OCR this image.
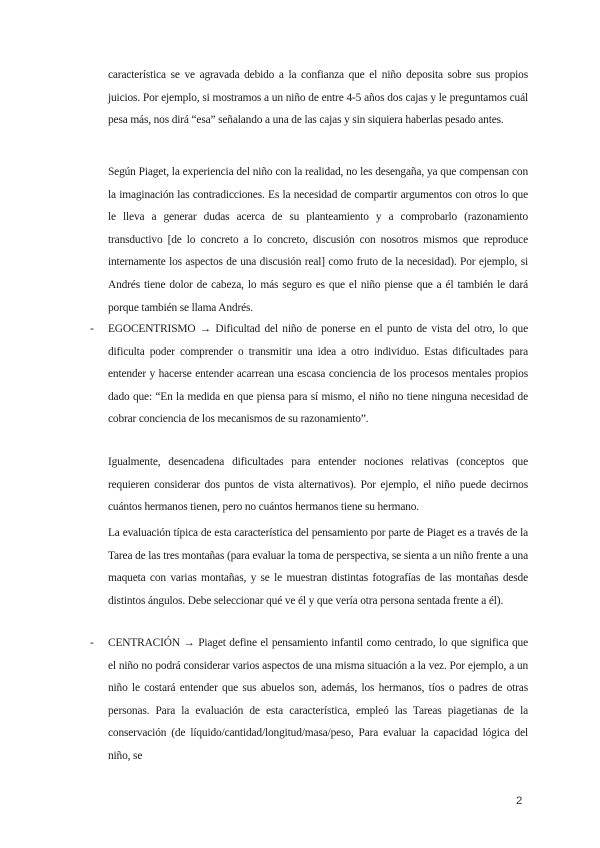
característica se ve agravada debido a la confianza que el niño deposita sobre sus propios juicios. Por ejemplo, si mostramos a un niño de entre 4-5 años dos cajas y le preguntamos cuál pesa más, nos dirá “esa” señalando a una de las cajas y sin siquiera haberlas pesado antes.

Según Piaget, la experiencia del niño con la realidad, no les desengaña, ya que compensan con la imaginación las contradicciones. Es la necesidad de compartir argumentos con otros lo que le lleva a generar dudas acerca de su planteamiento y a comprobarlo (razonamiento transductivo [de lo concreto a lo concreto, discusión con nosotros mismos que reproduce internamente los aspectos de una discusión real] como fruto de la necesidad). Por ejemplo, si Andrés tiene dolor de cabeza, lo más seguro es que el niño piense que a él también le dará porque también se llama Andrés.

- EGOCENTRISMO → Dificultad del niño de ponerse en el punto de vista del otro, lo que dificulta poder comprender o transmitir una idea a otro individuo. Estas dificultades para entender y hacerse entender acarrean una escasa conciencia de los procesos mentales propios dado que: “En la medida en que piensa para sí mismo, el niño no tiene ninguna necesidad de cobrar conciencia de los mecanismos de su razonamiento”.

Igualmente, desencadena dificultades para entender nociones relativas (conceptos que requieren considerar dos puntos de vista alternativos). Por ejemplo, el niño puede decirnos cuántos hermanos tienen, pero no cuántos hermanos tiene su hermano.

La evaluación típica de esta característica del pensamiento por parte de Piaget es a través de la Tarea de las tres montañas (para evaluar la toma de perspectiva, se sienta a un niño frente a una maqueta con varias montañas, y se le muestran distintas fotografías de las montañas desde distintos ángulos. Debe seleccionar qué ve él y que vería otra persona sentada frente a él).

- CENTRACIÓN → Piaget define el pensamiento infantil como centrado, lo que significa que el niño no podrá considerar varios aspectos de una misma situación a la vez. Por ejemplo, a un niño le costará entender que sus abuelos son, además, los hermanos, tíos o padres de otras personas. Para la evaluación de esta característica, empleó las Tareas piagetianas de la conservación (de líquido/cantidad/longitud/masa/peso, Para evaluar la capacidad lógica del niño, se

2
